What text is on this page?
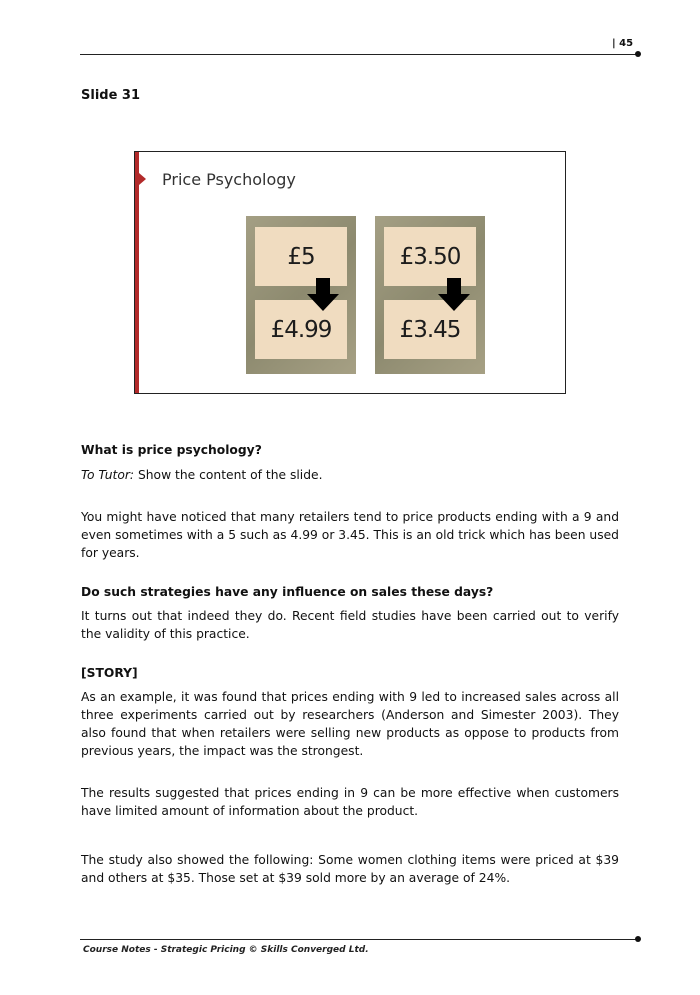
| 45
Slide 31
Price Psychology
£5
£4.99
£3.50
£3.45

What is price psychology?

To Tutor: Show the content of the slide.

You might have noticed that many retailers tend to price products ending with a 9 and even sometimes with a 5 such as 4.99 or 3.45. This is an old trick which has been used for years.

Do such strategies have any influence on sales these days?

It turns out that indeed they do. Recent field studies have been carried out to verify the validity of this practice.

[STORY]

As an example, it was found that prices ending with 9 led to increased sales across all three experiments carried out by researchers (Anderson and Simester 2003). They also found that when retailers were selling new products as oppose to products from previous years, the impact was the strongest.

The results suggested that prices ending in 9 can be more effective when customers have limited amount of information about the product.

The study also showed the following: Some women clothing items were priced at $39 and others at $35. Those set at $39 sold more by an average of 24%.

Course Notes - Strategic Pricing © Skills Converged Ltd.
